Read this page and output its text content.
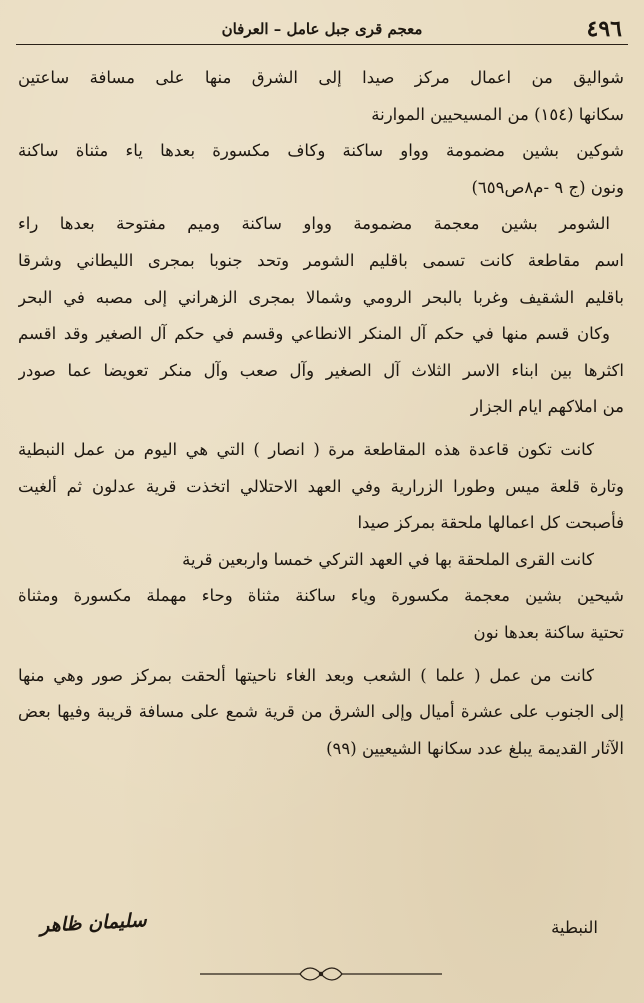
٤٩٦
معجم قرى جبل عامل – العرفان
شواليق من اعمال مركز صيدا إلى الشرق منها على مسافة ساعتين
سكانها (١٥٤) من المسيحيين الموارنة
شوكين بشين مضمومة وواو ساكنة وكاف مكسورة بعدها ياء مثناة ساكنة
ونون (ج ٩ -م٨ص٦٥٩)
الشومر بشين معجمة مضمومة وواو ساكنة وميم مفتوحة بعدها راء
اسم مقاطعة كانت تسمى باقليم الشومر وتحد جنوبا بمجرى الليطاني وشرقا
باقليم الشقيف وغربا بالبحر الرومي وشمالا بمجرى الزهراني إلى مصبه في البحر
وكان قسم منها في حكم آل المنكر الانطاعي وقسم في حكم آل الصغير وقد اقسم
اكثرها بين ابناء الاسر الثلاث آل الصغير وآل صعب وآل منكر تعويضا عما صودر
من املاكهم ايام الجزار
كانت تكون قاعدة هذه المقاطعة مرة ( انصار ) التي هي اليوم من عمل النبطية
وتارة قلعة ميس وطورا الزرارية وفي العهد الاحتلالي اتخذت قرية عدلون ثم ألغيت
فأصبحت كل اعمالها ملحقة بمركز صيدا
كانت القرى الملحقة بها في العهد التركي خمسا واربعين قرية
شيحين بشين معجمة مكسورة وياء ساكنة مثناة وحاء مهملة مكسورة ومثناة
تحتية ساكنة بعدها نون
كانت من عمل ( علما ) الشعب وبعد الغاء ناحيتها ألحقت بمركز صور وهي منها
إلى الجنوب على عشرة أميال وإلى الشرق من قرية شمع على مسافة قريبة وفيها بعض
الآثار القديمة يبلغ عدد سكانها الشيعيين (٩٩)
النبطية
سليمان ظاهر
